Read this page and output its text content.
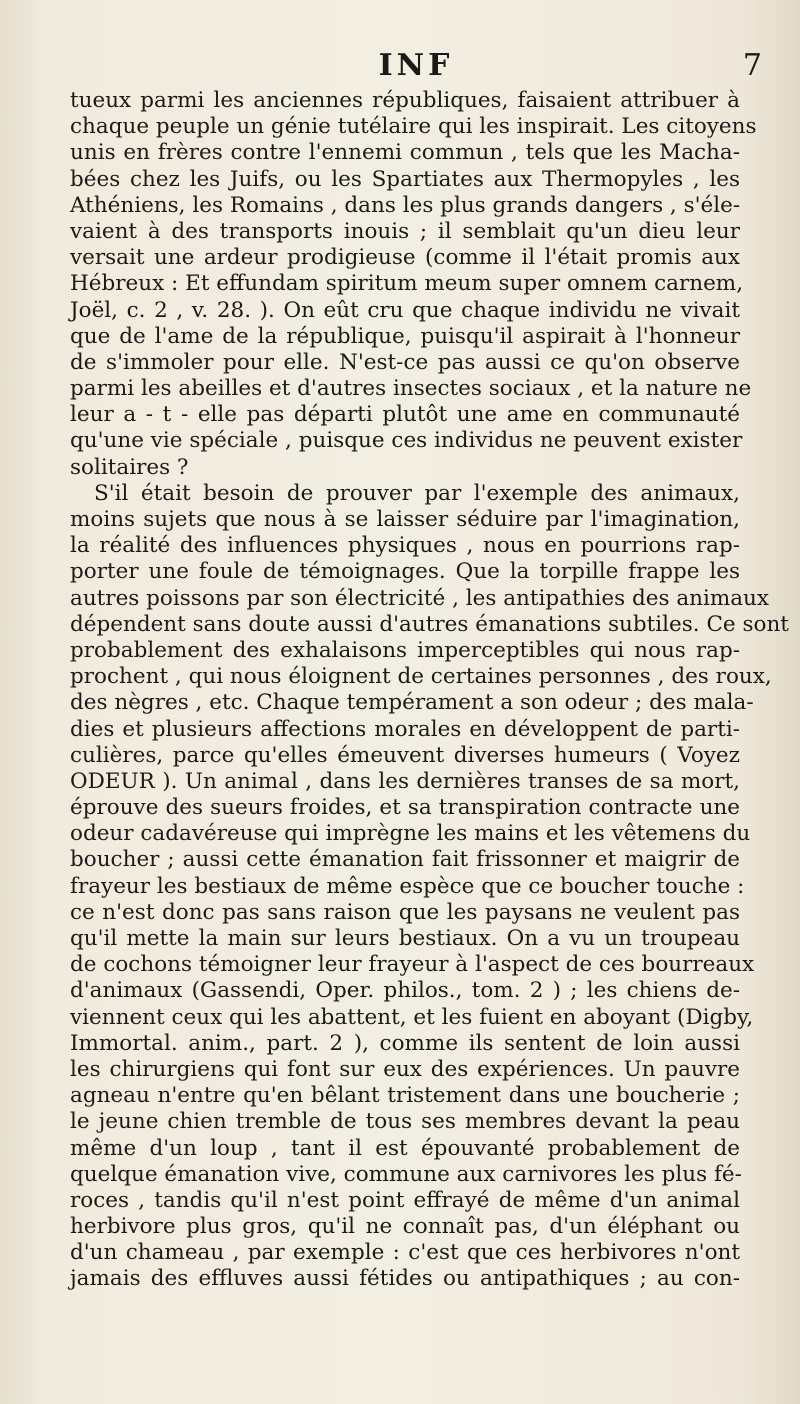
INF	7
tueux parmi les anciennes républiques, faisaient attribuer à
chaque peuple un génie tutélaire qui les inspirait. Les citoyens
unis en frères contre l'ennemi commun , tels que les Macha-
bées chez les Juifs, ou les Spartiates aux Thermopyles , les
Athéniens, les Romains , dans les plus grands dangers , s'éle-
vaient à des transports inouis ; il semblait qu'un dieu leur
versait une ardeur prodigieuse (comme il l'était promis aux
Hébreux : Et effundam spiritum meum super omnem carnem,
Joël, c. 2 , v. 28. ). On eût cru que chaque individu ne vivait
que de l'ame de la république, puisqu'il aspirait à l'honneur
de s'immoler pour elle. N'est-ce pas aussi ce qu'on observe
parmi les abeilles et d'autres insectes sociaux , et la nature ne
leur a - t - elle pas départi plutôt une ame en communauté
qu'une vie spéciale , puisque ces individus ne peuvent exister
solitaires ?
S'il était besoin de prouver par l'exemple des animaux,
moins sujets que nous à se laisser séduire par l'imagination,
la réalité des influences physiques , nous en pourrions rap-
porter une foule de témoignages. Que la torpille frappe les
autres poissons par son électricité , les antipathies des animaux
dépendent sans doute aussi d'autres émanations subtiles. Ce sont
probablement des exhalaisons imperceptibles qui nous rap-
prochent , qui nous éloignent de certaines personnes , des roux,
des nègres , etc. Chaque tempérament a son odeur ; des mala-
dies et plusieurs affections morales en développent de parti-
culières, parce qu'elles émeuvent diverses humeurs ( Voyez
ODEUR ). Un animal , dans les dernières transes de sa mort,
éprouve des sueurs froides, et sa transpiration contracte une
odeur cadavéreuse qui imprègne les mains et les vêtemens du
boucher ; aussi cette émanation fait frissonner et maigrir de
frayeur les bestiaux de même espèce que ce boucher touche :
ce n'est donc pas sans raison que les paysans ne veulent pas
qu'il mette la main sur leurs bestiaux. On a vu un troupeau
de cochons témoigner leur frayeur à l'aspect de ces bourreaux
d'animaux (Gassendi, Oper. philos., tom. 2 ) ; les chiens de-
viennent ceux qui les abattent, et les fuient en aboyant (Digby,
Immortal. anim., part. 2 ), comme ils sentent de loin aussi
les chirurgiens qui font sur eux des expériences. Un pauvre
agneau n'entre qu'en bêlant tristement dans une boucherie ;
le jeune chien tremble de tous ses membres devant la peau
même d'un loup , tant il est épouvanté probablement de
quelque émanation vive, commune aux carnivores les plus fé-
roces , tandis qu'il n'est point effrayé de même d'un animal
herbivore plus gros, qu'il ne connaît pas, d'un éléphant ou
d'un chameau , par exemple : c'est que ces herbivores n'ont
jamais des effluves aussi fétides ou antipathiques ; au con-
